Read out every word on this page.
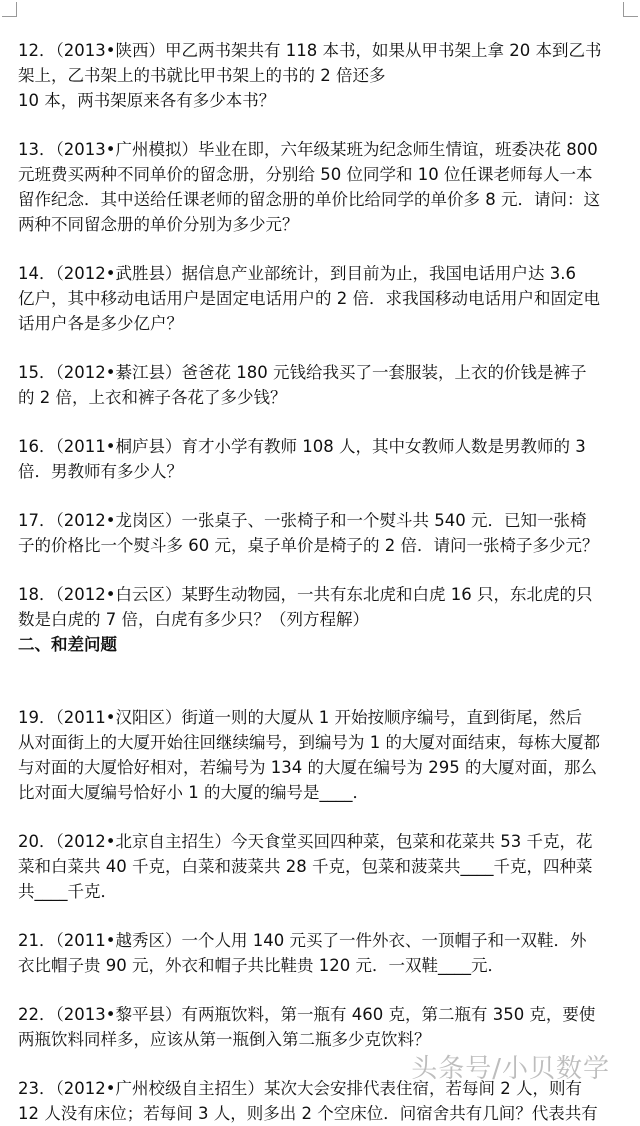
12．（2013•陕西）甲乙两书架共有 118 本书，如果从甲书架上拿 20 本到乙书

架上，乙书架上的书就比甲书架上的书的 2 倍还多

10 本，两书架原来各有多少本书？

13．（2013•广州模拟）毕业在即，六年级某班为纪念师生情谊，班委决花 800

元班费买两种不同单价的留念册，分别给 50 位同学和 10 位任课老师每人一本

留作纪念．其中送给任课老师的留念册的单价比给同学的单价多 8 元．请问：这

两种不同留念册的单价分别为多少元？

14．（2012•武胜县）据信息产业部统计，到目前为止，我国电话用户达 3.6

亿户，其中移动电话用户是固定电话用户的 2 倍．求我国移动电话用户和固定电

话用户各是多少亿户？

15．（2012•綦江县）爸爸花 180 元钱给我买了一套服装，上衣的价钱是裤子

的 2 倍，上衣和裤子各花了多少钱？

16．（2011•桐庐县）育才小学有教师 108 人，其中女教师人数是男教师的 3

倍．男教师有多少人？

17．（2012•龙岗区）一张桌子、一张椅子和一个熨斗共 540 元．已知一张椅

子的价格比一个熨斗多 60 元，桌子单价是椅子的 2 倍．请问一张椅子多少元？

18．（2012•白云区）某野生动物园，一共有东北虎和白虎 16 只，东北虎的只

数是白虎的 7 倍，白虎有多少只？（列方程解）

二、和差问题

19．（2011•汉阳区）街道一则的大厦从 1 开始按顺序编号，直到街尾，然后

从对面街上的大厦开始往回继续编号，到编号为 1 的大厦对面结束，每栋大厦都

与对面的大厦恰好相对，若编号为 134 的大厦在编号为 295 的大厦对面，那么

比对面大厦编号恰好小 1 的大厦的编号是____．

20．（2012•北京自主招生）今天食堂买回四种菜，包菜和花菜共 53 千克，花

菜和白菜共 40 千克，白菜和菠菜共 28 千克，包菜和菠菜共____千克，四种菜

共____千克．

21．（2011•越秀区）一个人用 140 元买了一件外衣、一顶帽子和一双鞋．外

衣比帽子贵 90 元，外衣和帽子共比鞋贵 120 元．一双鞋____元．

22．（2013•黎平县）有两瓶饮料，第一瓶有 460 克，第二瓶有 350 克，要使

两瓶饮料同样多，应该从第一瓶倒入第二瓶多少克饮料？

23．（2012•广州校级自主招生）某次大会安排代表住宿，若每间 2 人，则有

12 人没有床位；若每间 3 人，则多出 2 个空床位．问宿舍共有几间？代表共有

头条号/小贝数学
